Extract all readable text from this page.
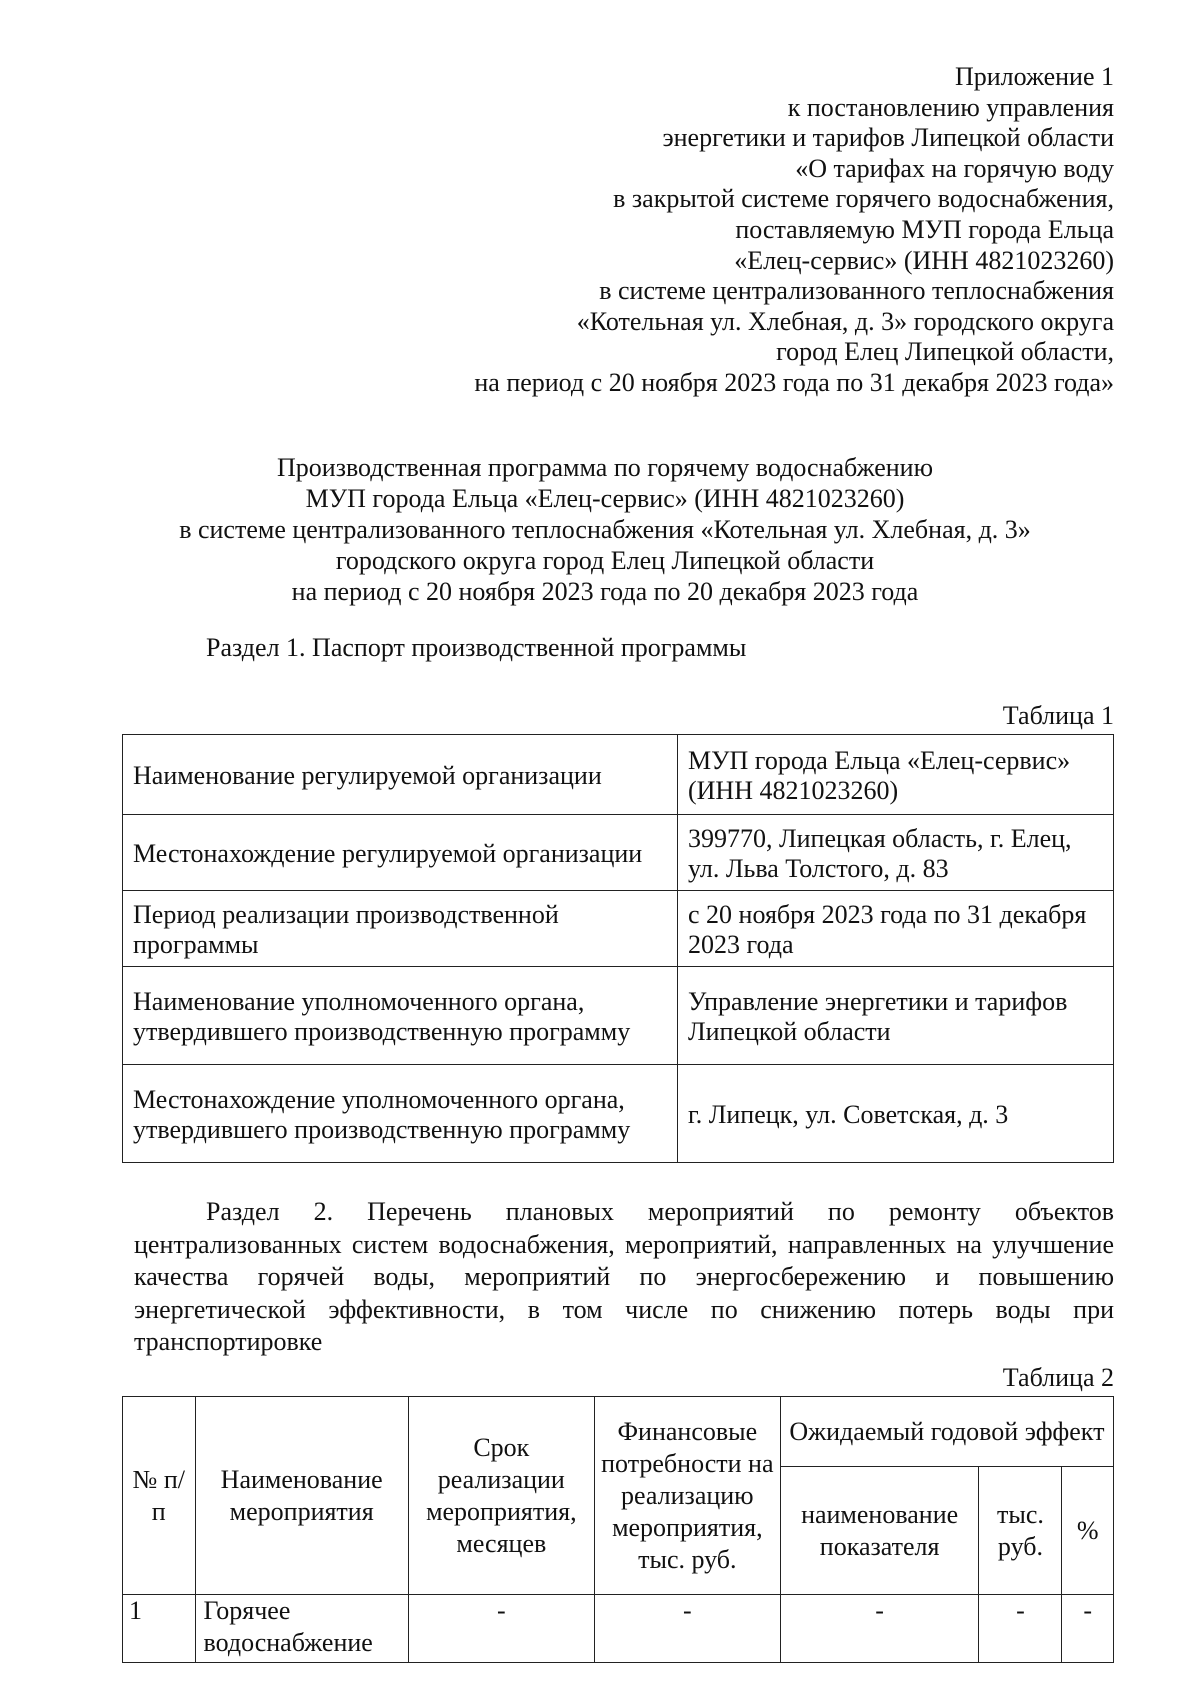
Приложение 1
к постановлению управления
энергетики и тарифов Липецкой области
«О тарифах на горячую воду
в закрытой системе горячего водоснабжения,
поставляемую МУП города Ельца
«Елец-сервис» (ИНН 4821023260)
в системе централизованного теплоснабжения
«Котельная ул. Хлебная, д. 3» городского округа
город Елец Липецкой области,
на период с 20 ноября 2023 года по 31 декабря 2023 года»
Производственная программа по горячему водоснабжению
МУП города Ельца «Елец-сервис» (ИНН 4821023260)
в системе централизованного теплоснабжения «Котельная ул. Хлебная, д. 3»
городского округа город Елец Липецкой области
на период с 20 ноября 2023 года по 20 декабря 2023 года
Раздел 1. Паспорт производственной программы
Таблица 1
Наименование регулируемой организации	МУП города Ельца «Елец-сервис» (ИНН 4821023260)
Местонахождение регулируемой организации	399770, Липецкая область, г. Елец, ул. Льва Толстого, д. 83
Период реализации производственной программы	с 20 ноября 2023 года по 31 декабря 2023 года
Наименование уполномоченного органа, утвердившего производственную программу	Управление энергетики и тарифов Липецкой области
Местонахождение уполномоченного органа, утвердившего производственную программу	г. Липецк, ул. Советская, д. 3
Раздел 2. Перечень плановых мероприятий по ремонту объектов
централизованных систем водоснабжения, мероприятий, направленных на улучшение качества горячей воды, мероприятий по энергосбережению и повышению энергетической эффективности, в том числе по снижению потерь воды при транспортировке
Таблица 2
№ п/п	Наименование мероприятия	Срок реализации мероприятия, месяцев	Финансовые потребности на реализацию мероприятия, тыс. руб.	Ожидаемый годовой эффект		
				наименование показателя	тыс. руб.	%
1	Горячее водоснабжение	-	-	-	-	-
